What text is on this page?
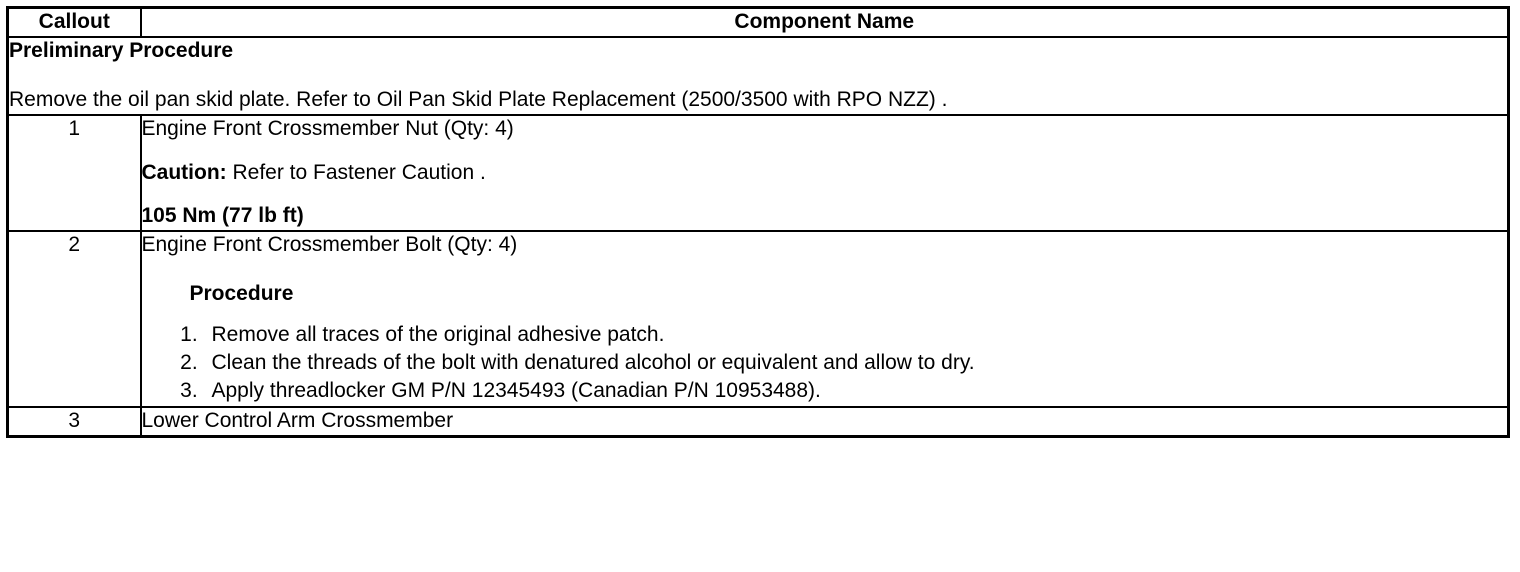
Callout	Component Name

Preliminary Procedure

Remove the oil pan skid plate. Refer to Oil Pan Skid Plate Replacement (2500/3500 with RPO NZZ) .	

1	Engine Front Crossmember Nut (Qty: 4)

Caution: Refer to Fastener Caution .

105 Nm (77 lb ft)

2	Engine Front Crossmember Bolt (Qty: 4)

Procedure

1. Remove all traces of the original adhesive patch.
2. Clean the threads of the bolt with denatured alcohol or equivalent and allow to dry.
3. Apply threadlocker GM P/N 12345493 (Canadian P/N 10953488).

3	Lower Control Arm Crossmember
